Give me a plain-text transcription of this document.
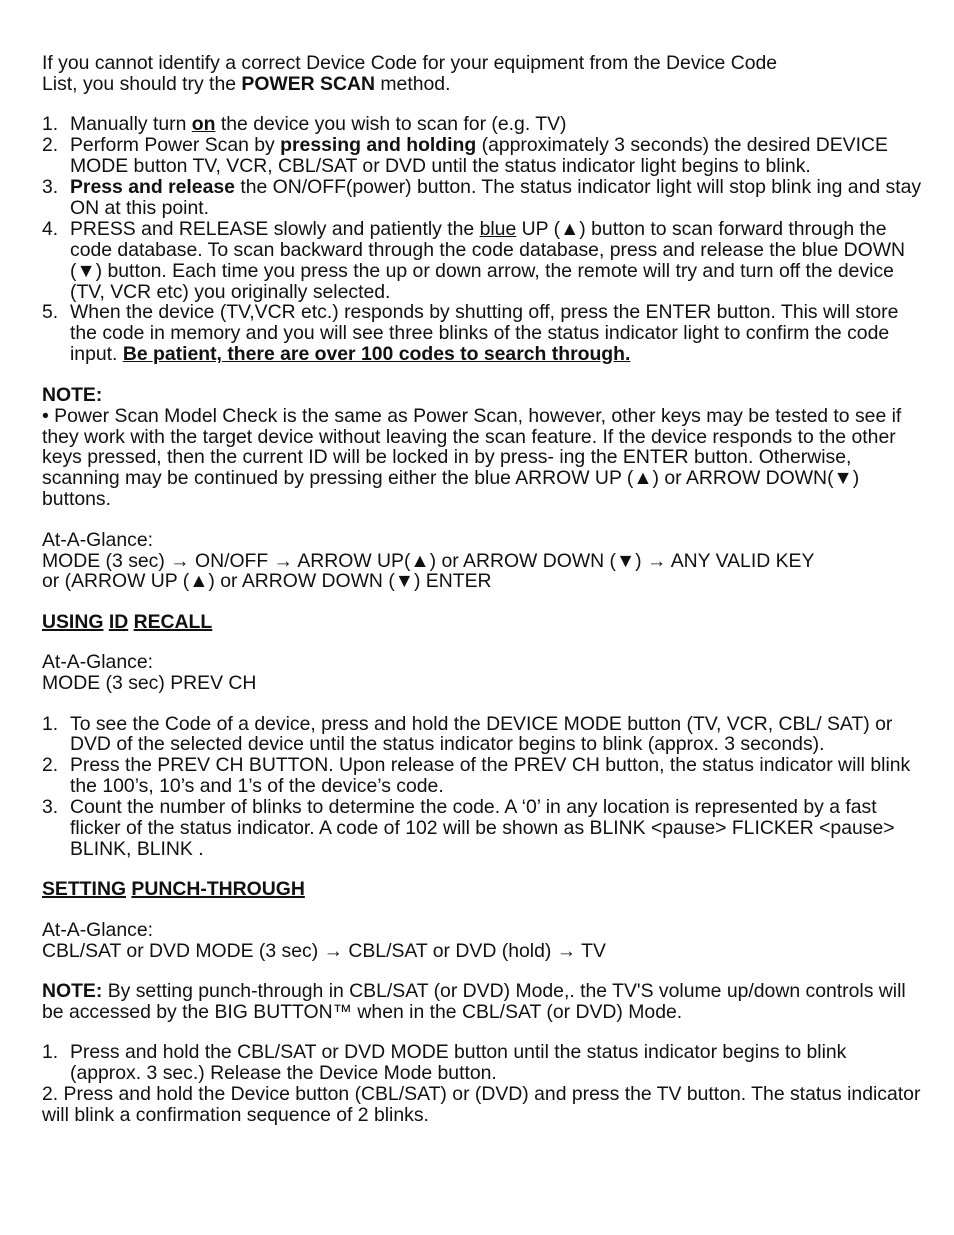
If you cannot identify a correct Device Code for your equipment from the Device Code
List, you should try the POWER SCAN method.

1. Manually turn on the device you wish to scan for (e.g. TV)
2. Perform Power Scan by pressing and holding (approximately 3 seconds) the desired DEVICE MODE button TV, VCR, CBL/SAT or DVD until the status indicator light begins to blink.
3. Press and release the ON/OFF(power) button. The status indicator light will stop blink ing and stay ON at this point.
4. PRESS and RELEASE slowly and patiently the blue UP (▲) button to scan forward through the code database. To scan backward through the code database, press and release the blue DOWN (▼) button. Each time you press the up or down arrow, the remote will try and turn off the device (TV, VCR etc) you originally selected.
5. When the device (TV,VCR etc.) responds by shutting off, press the ENTER button. This will store the code in memory and you will see three blinks of the status indicator light to confirm the code input. Be patient, there are over 100 codes to search through.

NOTE:

• Power Scan Model Check is the same as Power Scan, however, other keys may be tested to see if they work with the target device without leaving the scan feature. If the device responds to the other keys pressed, then the current ID will be locked in by press- ing the ENTER button. Otherwise, scanning may be continued by pressing either the blue ARROW UP (▲) or ARROW DOWN(▼) buttons.

At-A-Glance:

MODE (3 sec) → ON/OFF → ARROW UP(▲) or ARROW DOWN (▼) → ANY VALID KEY

or (ARROW UP (▲) or ARROW DOWN (▼) ENTER

USING ID RECALL

At-A-Glance:

MODE (3 sec) PREV CH

1. To see the Code of a device, press and hold the DEVICE MODE button (TV, VCR, CBL/ SAT) or DVD of the selected device until the status indicator begins to blink (approx. 3 seconds).
2. Press the PREV CH BUTTON. Upon release of the PREV CH button, the status indicator will blink the 100’s, 10’s and 1’s of the device’s code.
3. Count the number of blinks to determine the code. A ‘0’ in any location is represented by a fast flicker of the status indicator. A code of 102 will be shown as BLINK <pause> FLICKER <pause> BLINK, BLINK .

SETTING PUNCH-THROUGH

At-A-Glance:

CBL/SAT or DVD MODE (3 sec) → CBL/SAT or DVD (hold) → TV

NOTE: By setting punch-through in CBL/SAT (or DVD) Mode,. the TV'S volume up/down controls will be accessed by the BIG BUTTON™ when in the CBL/SAT (or DVD) Mode.

1. Press and hold the CBL/SAT or DVD MODE button until the status indicator begins to blink (approx. 3 sec.) Release the Device Mode button.

2. Press and hold the Device button (CBL/SAT) or (DVD) and press the TV button. The status indicator will blink a confirmation sequence of 2 blinks.
